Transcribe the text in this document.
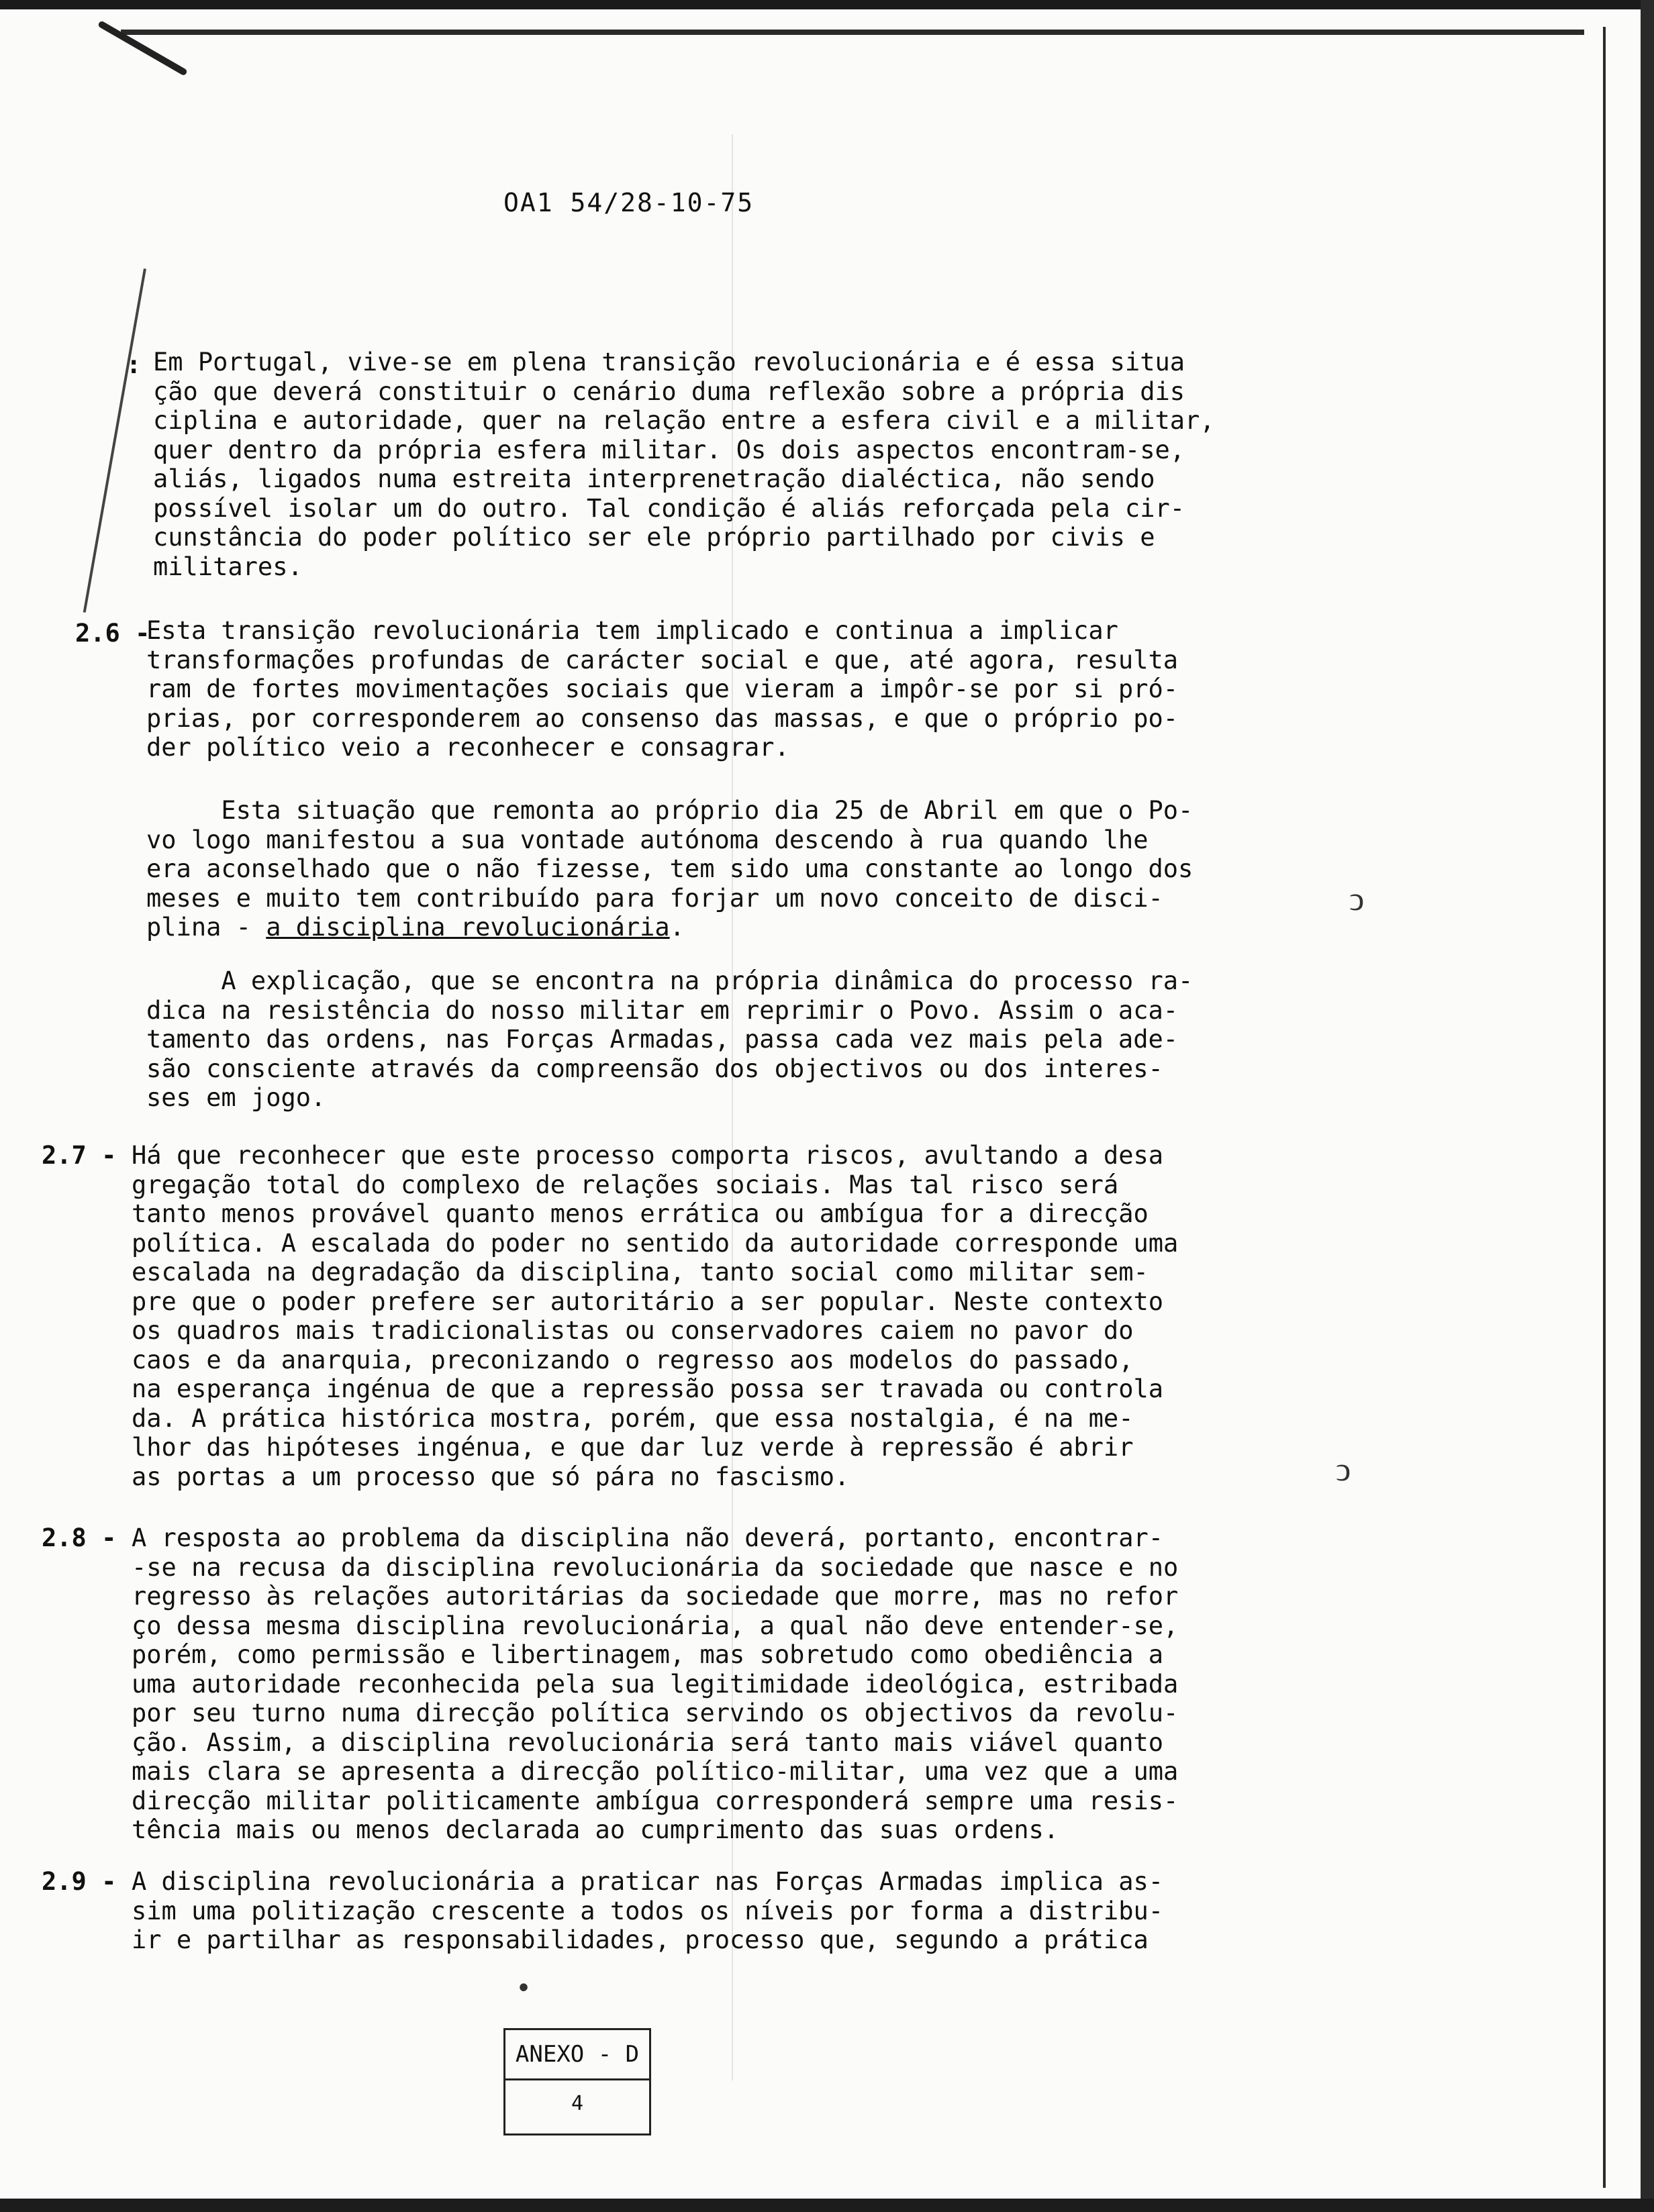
OA1 54/28-10-75
: Em Portugal, vive-se em plena transição revolucionária e é essa situa
ção que deverá constituir o cenário duma reflexão sobre a própria dis
ciplina e autoridade, quer na relação entre a esfera civil e a militar,
quer dentro da própria esfera militar. Os dois aspectos encontram-se,
aliás, ligados numa estreita interprenetração dialéctica, não sendo
possível isolar um do outro. Tal condição é aliás reforçada pela cir-
cunstância do poder político ser ele próprio partilhado por civis e
militares.
2.6 -
Esta transição revolucionária tem implicado e continua a implicar
transformações profundas de carácter social e que, até agora, resulta
ram de fortes movimentações sociais que vieram a impôr-se por si pró-
prias, por corresponderem ao consenso das massas, e que o próprio po-
der político veio a reconhecer e consagrar.
Esta situação que remonta ao próprio dia 25 de Abril em que o Po-
vo logo manifestou a sua vontade autónoma descendo à rua quando lhe
era aconselhado que o não fizesse, tem sido uma constante ao longo dos
meses e muito tem contribuído para forjar um novo conceito de disci-
plina - a disciplina revolucionária.
A explicação, que se encontra na própria dinâmica do processo ra-
dica na resistência do nosso militar em reprimir o Povo. Assim o aca-
tamento das ordens, nas Forças Armadas, passa cada vez mais pela ade-
são consciente através da compreensão dos objectivos ou dos interes-
ses em jogo.
2.7 - Há que reconhecer que este processo comporta riscos, avultando a desa
gregação total do complexo de relações sociais. Mas tal risco será
tanto menos provável quanto menos errática ou ambígua for a direcção
política. A escalada do poder no sentido da autoridade corresponde uma
escalada na degradação da disciplina, tanto social como militar sem-
pre que o poder prefere ser autoritário a ser popular. Neste contexto
os quadros mais tradicionalistas ou conservadores caiem no pavor do
caos e da anarquia, preconizando o regresso aos modelos do passado,
na esperança ingénua de que a repressão possa ser travada ou controla
da. A prática histórica mostra, porém, que essa nostalgia, é na me-
lhor das hipóteses ingénua, e que dar luz verde à repressão é abrir
as portas a um processo que só pára no fascismo.
2.8 - A resposta ao problema da disciplina não deverá, portanto, encontrar-
-se na recusa da disciplina revolucionária da sociedade que nasce e no
regresso às relações autoritárias da sociedade que morre, mas no refor
ço dessa mesma disciplina revolucionária, a qual não deve entender-se,
porém, como permissão e libertinagem, mas sobretudo como obediência a
uma autoridade reconhecida pela sua legitimidade ideológica, estribada
por seu turno numa direcção política servindo os objectivos da revolu-
ção. Assim, a disciplina revolucionária será tanto mais viável quanto
mais clara se apresenta a direcção político-militar, uma vez que a uma
direcção militar politicamente ambígua corresponderá sempre uma resis-
tência mais ou menos declarada ao cumprimento das suas ordens.
2.9 - A disciplina revolucionária a praticar nas Forças Armadas implica as-
sim uma politização crescente a todos os níveis por forma a distribu-
ir e partilhar as responsabilidades, processo que, segundo a prática
•
ANEXO - D
4
ↄ
ↄ
